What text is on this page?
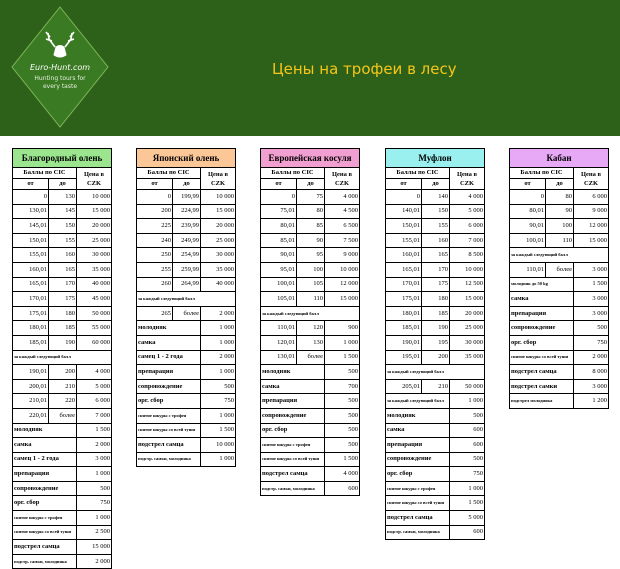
Euro-Hunt.com
Hunting tours for every taste
Цены на трофеи в лесу
Благородный олень		
Баллы по CIC		Цена в CZK
от	до	
0	130	10 000
130,01	145	15 000
145,01	150	20 000
150,01	155	25 000
155,01	160	30 000
160,01	165	35 000
165,01	170	40 000
170,01	175	45 000
175,01	180	50 000
180,01	185	55 000
185,01	190	60 000
за каждый следующий балл		
190,01	200	4 000
200,01	210	5 000
210,01	220	6 000
220,01	более	7 000
молодняк		1 500
самка		2 000
самец 1 - 2 года		3 000
препарация		1 000
сопровождение		500
орг. сбор		750
снятие шкуры с трофея		1 000
снятие шкуры со всей туши		2 500
подстрел самца		15 000
подстр. самки, молодняка		2 000
Японский олень		
Баллы по CIC		Цена в CZK
от	до	
0	199,99	10 000
200	224,99	15 000
225	239,99	20 000
240	249,99	25 000
250	254,99	30 000
255	259,99	35 000
260	264,99	40 000
за каждый следующий балл		
265	более	2 000
молодняк		1 000
самка		1 000
самец 1 - 2 года		2 000
препарация		1 000
сопровождение		500
орг. сбор		750
снятие шкуры с трофея		1 000
снятие шкуры со всей туши		1 500
подстрел самца		10 000
подстр. самки, молодняка		1 000
Европейская косуля		
Баллы по CIC		Цена в CZK
от	до	
0	75	4 000
75,01	80	4 500
80,01	85	6 500
85,01	90	7 500
90,01	95	9 000
95,01	100	10 000
100,01	105	12 000
105,01	110	15 000
за каждый следующий балл		
110,01	120	900
120,01	130	1 000
130,01	более	1 500
молодняк		500
самка		700
препарация		500
сопровождение		500
орг. сбор		500
снятие шкуры с трофея		500
снятие шкуры со всей туши		1 500
подстрел самца		4 000
подстр. самки, молодняка		600
Муфлон		
Баллы по CIC		Цена в CZK
от	до	
0	140	4 000
140,01	150	5 000
150,01	155	6 000
155,01	160	7 000
160,01	165	8 500
165,01	170	10 000
170,01	175	12 500
175,01	180	15 000
180,01	185	20 000
185,01	190	25 000
190,01	195	30 000
195,01	200	35 000
за каждый следующий балл		
205,01	210	50 000
за каждый следующий балл		1 000
молодняк		500
самка		600
препарация		600
сопровождение		500
орг. сбор		750
снятие шкуры с трофея		1 000
снятие шкуры со всей туши		1 500
подстрел самца		5 000
подстр. самки, молодняка		600
Кабан		
Баллы по CIC		Цена в CZK
от	до	
0	80	6 000
80,01	90	9 000
90,01	100	12 000
100,01	110	15 000
за каждый следующий балл		
110,01	более	3 000
молодняк до 50 kg		1 500
самка		3 000
препарация		3 000
сопровождение		500
орг. сбор		750
снятие шкуры со всей туши		2 000
подстрел самца		8 000
подстрел самки		3 000
подстрел молодняка		1 200
